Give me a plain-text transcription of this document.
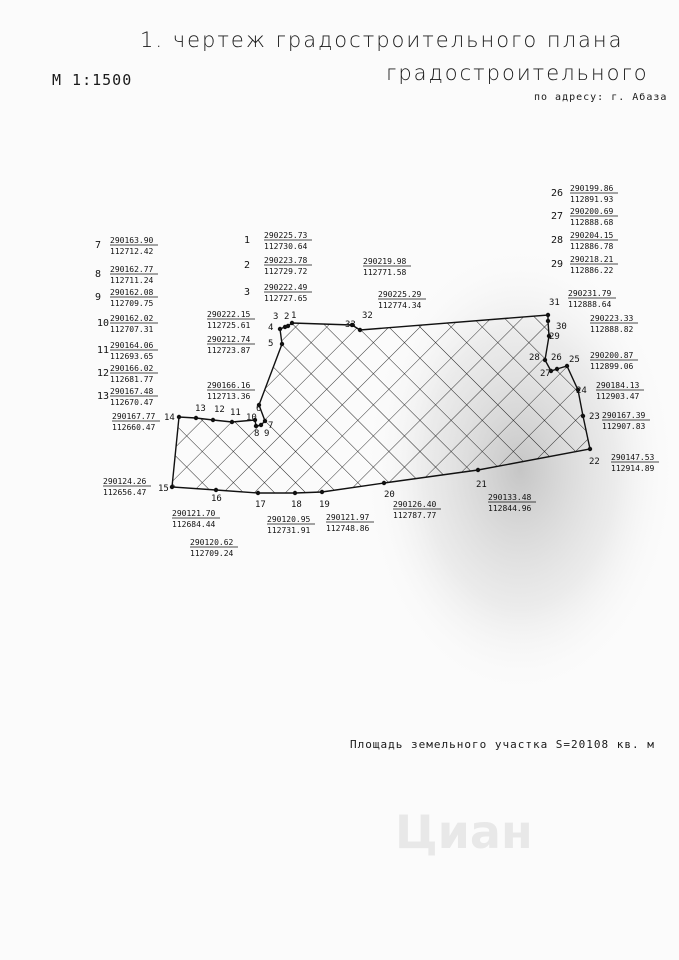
1. чертеж градостроительного плана
градостроительного
М 1:1500
по адресу: г. Абаза
1
2
3
4
5
6
7
8 9
10
11
12
13
14
15
16
17	18 19
20
21
22
23
24
25
26
27
28
29
30
31
32
33
290225.73
112730.64
1
290223.78
112729.72
2
290222.49
112727.65
3
290222.15
112725.61
290212.74
112723.87
290166.16
112713.36
290163.90
112712.42
7
290162.77
112711.24
8
290162.08
112709.75
9
290162.02
112707.31
10
290164.06
112693.65
11
290166.02
112681.77
12
290167.48
112670.47
13
290167.77
112660.47
290124.26
112656.47
290121.70
112684.44
290120.62
112709.24
290120.95
112731.91
290121.97
112748.86
290126.40
112787.77
290133.48
112844.96
290147.53
112914.89
290167.39
112907.83
290184.13
112903.47
290200.87
112899.06
290199.86
112891.93
26
290200.69
112888.68
27
290204.15
112886.78
28
290218.21
112886.22
29
290223.33
112888.82
290231.79
112888.64
290225.29
112774.34
290219.98
112771.58
Площадь земельного участка S=20108 кв. м
Циан
